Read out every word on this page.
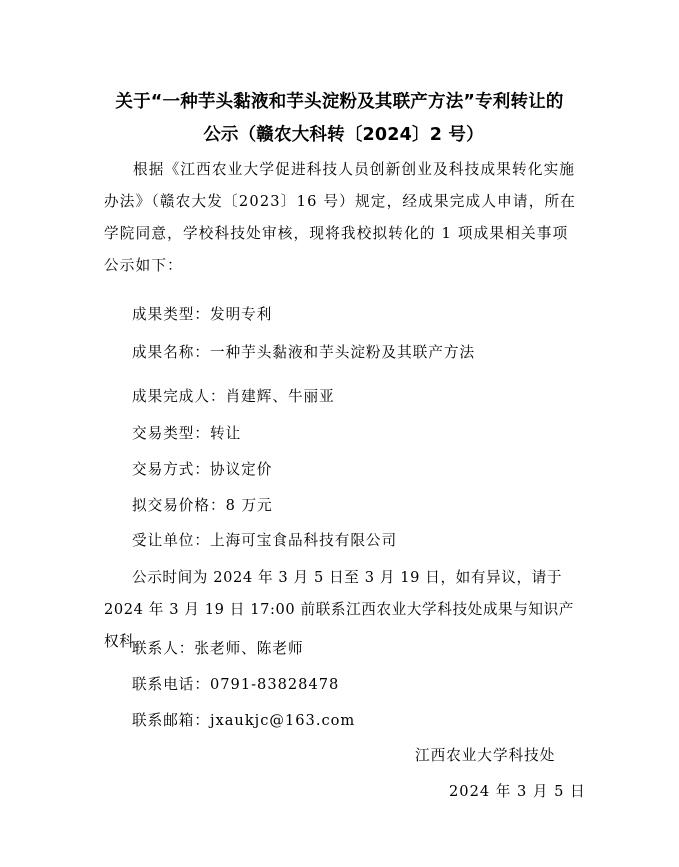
关于“一种芋头黏液和芋头淀粉及其联产方法”专利转让的
公示（赣农大科转〔2024〕2 号）
根据《江西农业大学促进科技人员创新创业及科技成果转化实施办法》（赣农大发〔2023〕16 号）规定，经成果完成人申请，所在学院同意，学校科技处审核，现将我校拟转化的 1 项成果相关事项公示如下：
成果类型：发明专利
成果名称：一种芋头黏液和芋头淀粉及其联产方法
成果完成人：肖建辉、牛丽亚
交易类型：转让
交易方式：协议定价
拟交易价格：8 万元
受让单位：上海可宝食品科技有限公司
公示时间为 2024 年 3 月 5 日至 3 月 19 日，如有异议，请于 2024 年 3 月 19 日 17:00 前联系江西农业大学科技处成果与知识产权科。
联系人：张老师、陈老师
联系电话：0791-83828478
联系邮箱：jxaukjc@163.com
江西农业大学科技处
2024 年 3 月 5 日
